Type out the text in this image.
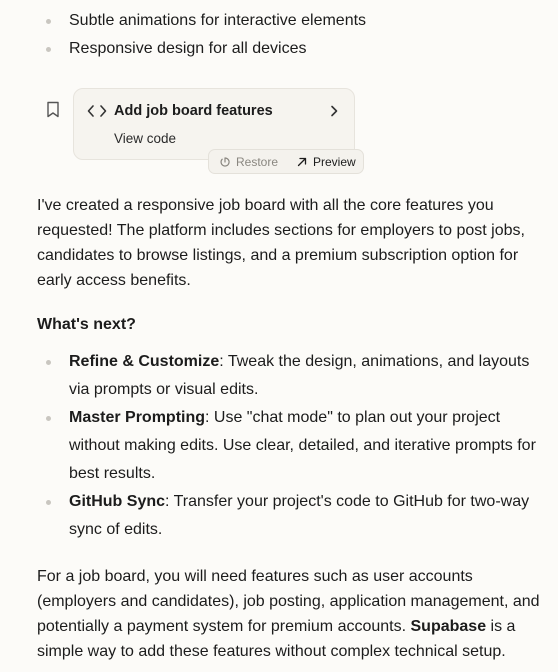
Subtle animations for interactive elements
Responsive design for all devices
Add job board features
View code
Restore	Preview

I've created a responsive job board with all the core features you requested! The platform includes sections for employers to post jobs, candidates to browse listings, and a premium subscription option for early access benefits.

What's next?

Refine & Customize: Tweak the design, animations, and layouts via prompts or visual edits.
Master Prompting: Use "chat mode" to plan out your project without making edits. Use clear, detailed, and iterative prompts for best results.
GitHub Sync: Transfer your project's code to GitHub for two-way sync of edits.

For a job board, you will need features such as user accounts (employers and candidates), job posting, application management, and potentially a payment system for premium accounts. Supabase is a simple way to add these features without complex technical setup.
